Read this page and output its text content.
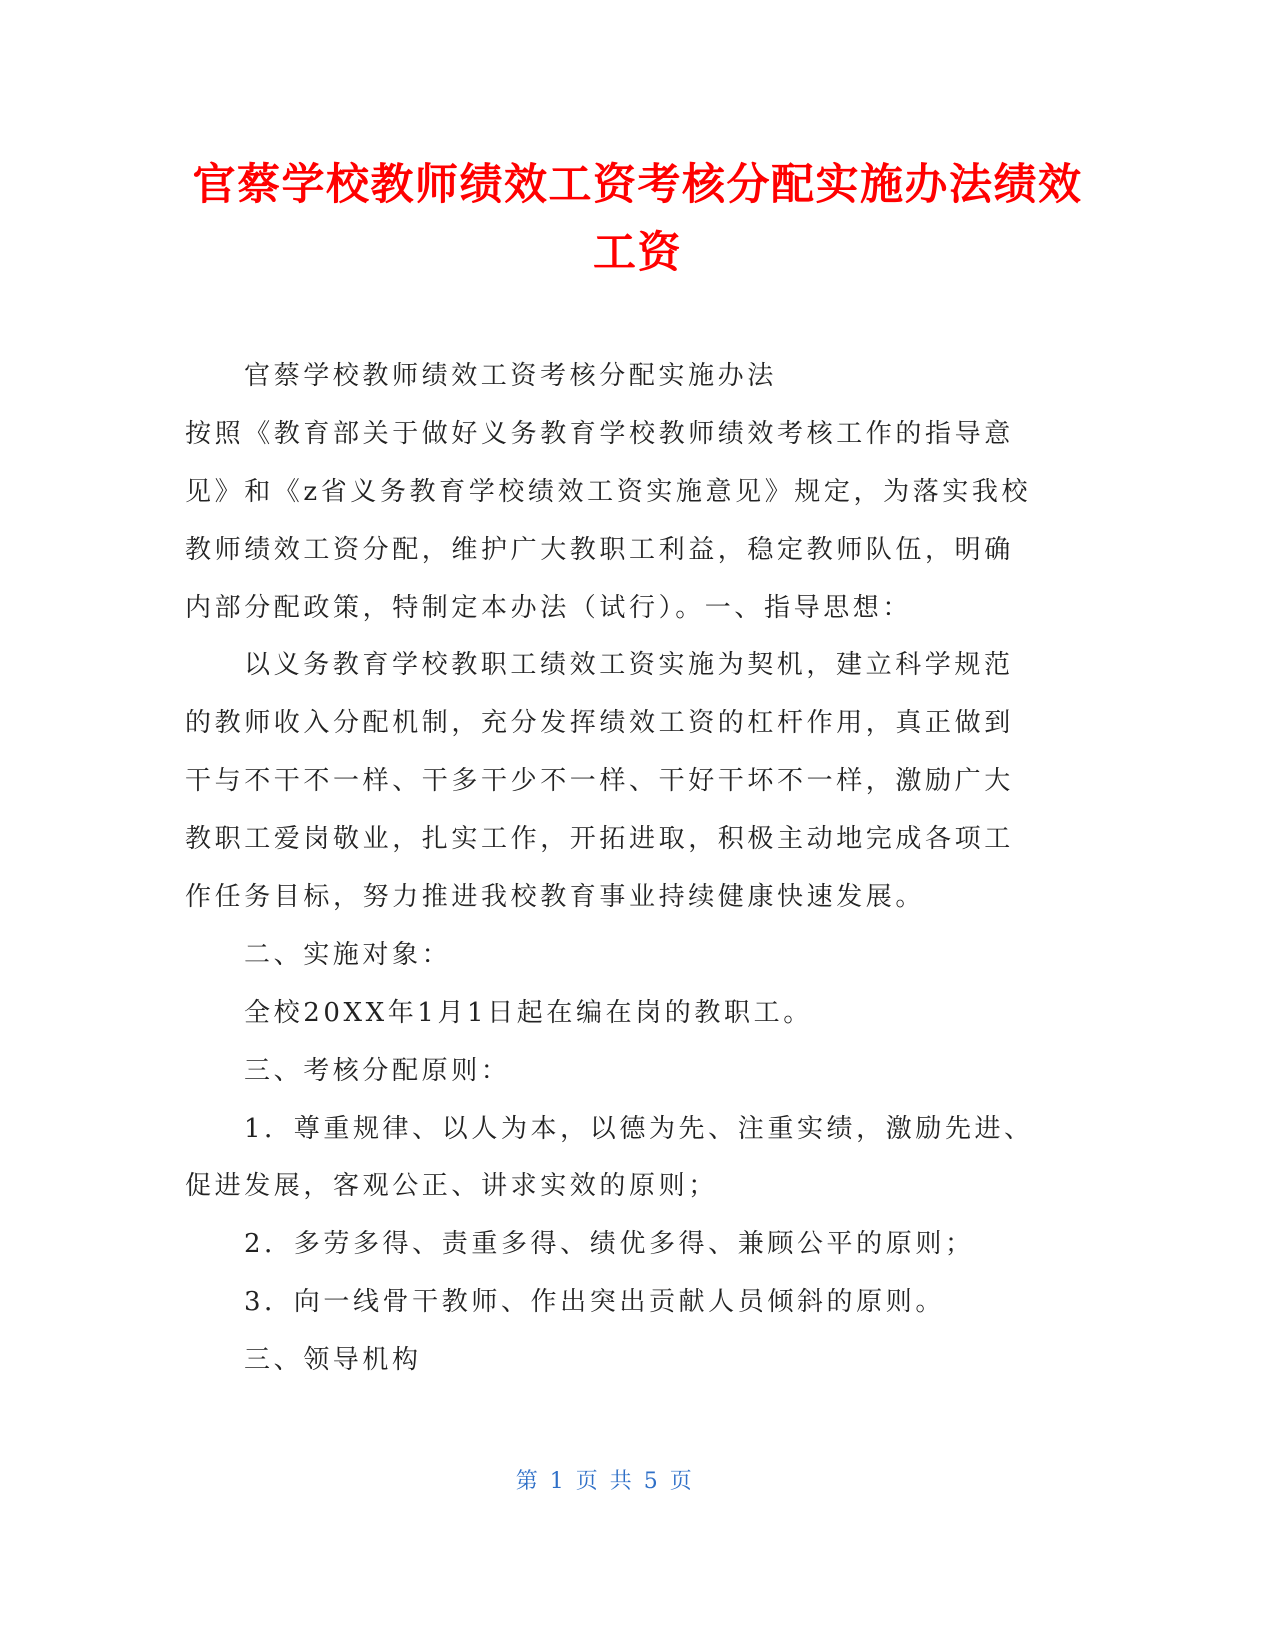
官蔡学校教师绩效工资考核分配实施办法绩效
工资
官蔡学校教师绩效工资考核分配实施办法
按照《教育部关于做好义务教育学校教师绩效考核工作的指导意
见》和《z省义务教育学校绩效工资实施意见》规定，为落实我校
教师绩效工资分配，维护广大教职工利益，稳定教师队伍，明确
内部分配政策，特制定本办法（试行）。一、指导思想：
以义务教育学校教职工绩效工资实施为契机，建立科学规范
的教师收入分配机制，充分发挥绩效工资的杠杆作用，真正做到
干与不干不一样、干多干少不一样、干好干坏不一样，激励广大
教职工爱岗敬业，扎实工作，开拓进取，积极主动地完成各项工
作任务目标，努力推进我校教育事业持续健康快速发展。
二、实施对象：
全校20XX年1月1日起在编在岗的教职工。
三、考核分配原则：
1．尊重规律、以人为本，以德为先、注重实绩，激励先进、
促进发展，客观公正、讲求实效的原则；
2．多劳多得、责重多得、绩优多得、兼顾公平的原则；
3．向一线骨干教师、作出突出贡献人员倾斜的原则。
三、领导机构
第 1 页 共 5 页
